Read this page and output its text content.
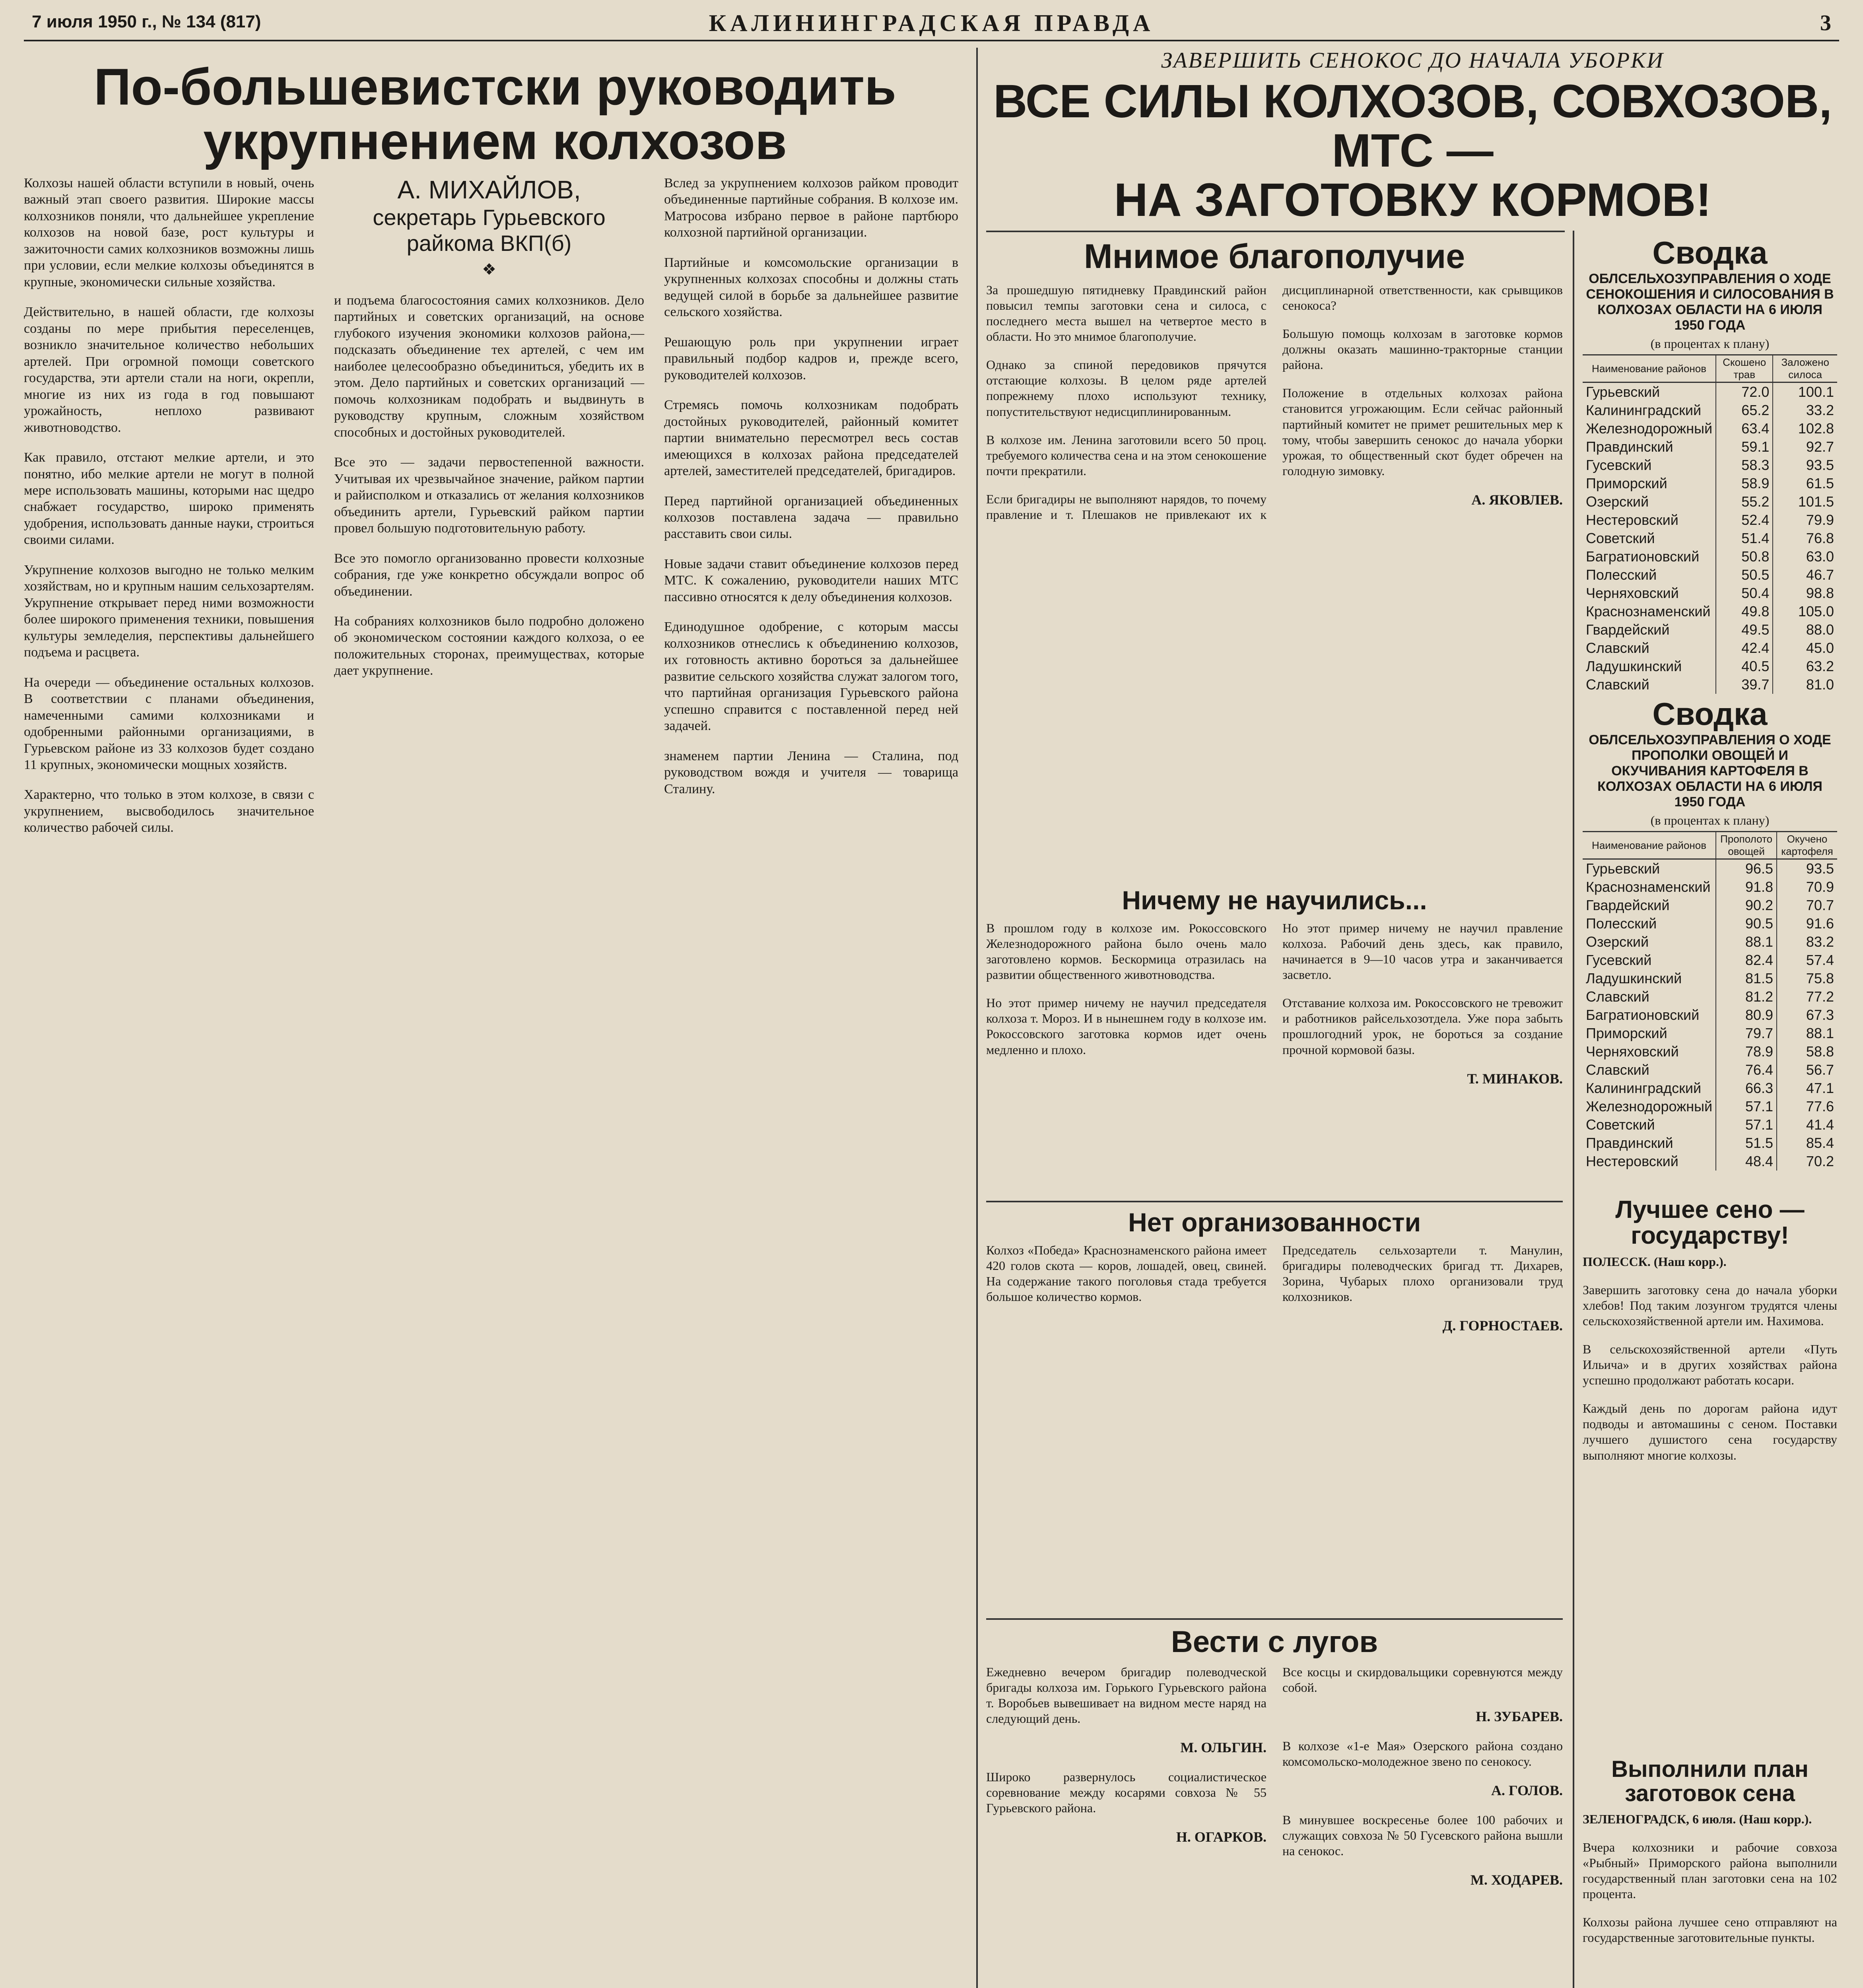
7 июля 1950 г., № 134 (817)	КАЛИНИНГРАДСКАЯ ПРАВДА	3
По-большевистски руководить укрупнением колхозов

Колхозы нашей области вступили в новый, очень важный этап своего развития. Широкие массы колхозников поняли, что дальнейшее укрепление колхозов на новой базе, рост культуры и зажиточности самих колхозников возможны лишь при условии, если мелкие колхозы объединятся в крупные, экономически сильные хозяйства.

Действительно, в нашей области, где колхозы созданы по мере прибытия переселенцев, возникло значительное количество небольших артелей. При огромной помощи советского государства, эти артели стали на ноги, окрепли, многие из них из года в год повышают урожайность, неплохо развивают животноводство.

Как правило, отстают мелкие артели, и это понятно, ибо мелкие артели не могут в полной мере использовать машины, которыми нас щедро снабжает государство, широко применять удобрения, использовать данные науки, строиться своими силами.

Укрупнение колхозов выгодно не только мелким хозяйствам, но и крупным нашим сельхозартелям. Укрупнение открывает перед ними возможности более широкого применения техники, повышения культуры земледелия, перспективы дальнейшего подъема и расцвета.

На очереди — объединение остальных колхозов. В соответствии с планами объединения, намеченными самими колхозниками и одобренными районными организациями, в Гурьевском районе из 33 колхозов будет создано 11 крупных, экономически мощных хозяйств.

Характерно, что только в этом колхозе, в связи с укрупнением, высвободилось значительное количество рабочей силы.

А. МИХАЙЛОВ,
секретарь Гурьевского райкома ВКП(б)
❖

и подъема благосостояния самих колхозников. Дело партийных и советских организаций, на основе глубокого изучения экономики колхозов района,— подсказать объединение тех артелей, с чем им наиболее целесообразно объединиться, убедить их в этом. Дело партийных и советских организаций — помочь колхозникам подобрать и выдвинуть в руководству крупным, сложным хозяйством способных и достойных руководителей.

Все это — задачи первостепенной важности. Учитывая их чрезвычайное значение, райком партии и райисполком и отказались от желания колхозников объединить артели, Гурьевский райком партии провел большую подготовительную работу.

Все это помогло организованно провести колхозные собрания, где уже конкретно обсуждали вопрос об объединении.

На собраниях колхозников было подробно доложено об экономическом состоянии каждого колхоза, о ее положительных сторонах, преимуществах, которые дает укрупнение.

Вслед за укрупнением колхозов райком проводит объединенные партийные собрания. В колхозе им. Матросова избрано первое в районе партбюро колхозной партийной организации.

Партийные и комсомольские организации в укрупненных колхозах способны и должны стать ведущей силой в борьбе за дальнейшее развитие сельского хозяйства.

Решающую роль при укрупнении играет правильный подбор кадров и, прежде всего, руководителей колхозов.

Стремясь помочь колхозникам подобрать достойных руководителей, районный комитет партии внимательно пересмотрел весь состав имеющихся в колхозах района председателей артелей, заместителей председателей, бригадиров.

Перед партийной организацией объединенных колхозов поставлена задача — правильно расставить свои силы.

Новые задачи ставит объединение колхозов перед МТС. К сожалению, руководители наших МТС пассивно относятся к делу объединения колхозов.

Единодушное одобрение, с которым массы колхозников отнеслись к объединению колхозов, их готовность активно бороться за дальнейшее развитие сельского хозяйства служат залогом того, что партийная организация Гурьевского района успешно справится с поставленной перед ней задачей.

знаменем партии Ленина — Сталина, под руководством вождя и учителя — товарища Сталину.

ЗАВЕРШИТЬ СЕНОКОС ДО НАЧАЛА УБОРКИ
ВСЕ СИЛЫ КОЛХОЗОВ, СОВХОЗОВ, МТС —
НА ЗАГОТОВКУ КОРМОВ!
Мнимое благополучие

За прошедшую пятидневку Правдинский район повысил темпы заготовки сена и силоса, с последнего места вышел на четвертое место в области. Но это мнимое благополучие.

Однако за спиной передовиков прячутся отстающие колхозы. В целом ряде артелей попрежнему плохо используют технику, попустительствуют недисциплинированным.

В колхозе им. Ленина заготовили всего 50 проц. требуемого количества сена и на этом сенокошение почти прекратили.

Если бригадиры не выполняют нарядов, то почему правление и т. Плешаков не привлекают их к дисциплинарной ответственности, как срывщиков сенокоса?

Большую помощь колхозам в заготовке кормов должны оказать машинно-тракторные станции района.

Положение в отдельных колхозах района становится угрожающим. Если сейчас районный партийный комитет не примет решительных мер к тому, чтобы завершить сенокос до начала уборки урожая, то общественный скот будет обречен на голодную зимовку.

А. ЯКОВЛЕВ.
Ничему не научились...

В прошлом году в колхозе им. Рокоссовского Железнодорожного района было очень мало заготовлено кормов. Бескормица отразилась на развитии общественного животноводства.

Но этот пример ничему не научил председателя колхоза т. Мороз. И в нынешнем году в колхозе им. Рокоссовского заготовка кормов идет очень медленно и плохо.

Но этот пример ничему не научил правление колхоза. Рабочий день здесь, как правило, начинается в 9—10 часов утра и заканчивается засветло.

Отставание колхоза им. Рокоссовского не тревожит и работников райсельхозотдела. Уже пора забыть прошлогодний урок, не бороться за создание прочной кормовой базы.

Т. МИНАКОВ.
Нет организованности

Колхоз «Победа» Краснознаменского района имеет 420 голов скота — коров, лошадей, овец, свиней. На содержание такого поголовья стада требуется большое количество кормов.

Председатель сельхозартели т. Манулин, бригадиры полеводческих бригад тт. Дихарев, Зорина, Чубарых плохо организовали труд колхозников.

Д. ГОРНОСТАЕВ.
Вести с лугов

Ежедневно вечером бригадир полеводческой бригады колхоза им. Горького Гурьевского района т. Воробьев вывешивает на видном месте наряд на следующий день.

М. ОЛЬГИН.

Широко развернулось социалистическое соревнование между косарями совхоза № 55 Гурьевского района.

Н. ОГАРКОВ.

Все косцы и скирдовальщики соревнуются между собой.

Н. ЗУБАРЕВ.

В колхозе «1-е Мая» Озерского района создано комсомольско-молодежное звено по сенокосу.

А. ГОЛОВ.

В минувшее воскресенье более 100 рабочих и служащих совхоза № 50 Гусевского района вышли на сенокос.

М. ХОДАРЕВ.
Сводка
ОБЛСЕЛЬХОЗУПРАВЛЕНИЯ О ХОДЕ СЕНОКОШЕНИЯ И СИЛОСОВАНИЯ В КОЛХОЗАХ ОБЛАСТИ НА 6 ИЮЛЯ 1950 ГОДА
(в процентах к плану)
Наименование районов	Скошено трав	Заложено силоса
Гурьевский	72.0	100.1
Калининградский	65.2	33.2
Железнодорожный	63.4	102.8
Правдинский	59.1	92.7
Гусевский	58.3	93.5
Приморский	58.9	61.5
Озерский	55.2	101.5
Нестеровский	52.4	79.9
Советский	51.4	76.8
Багратионовский	50.8	63.0
Полесский	50.5	46.7
Черняховский	50.4	98.8
Краснознаменский	49.8	105.0
Гвардейский	49.5	88.0
Славский	42.4	45.0
Ладушкинский	40.5	63.2
Славский	39.7	81.0
Сводка
ОБЛСЕЛЬХОЗУПРАВЛЕНИЯ О ХОДЕ ПРОПОЛКИ ОВОЩЕЙ И ОКУЧИВАНИЯ КАРТОФЕЛЯ В КОЛХОЗАХ ОБЛАСТИ НА 6 ИЮЛЯ 1950 ГОДА
(в процентах к плану)
Наименование районов	Прополото овощей	Окучено картофеля
Гурьевский	96.5	93.5
Краснознаменский	91.8	70.9
Гвардейский	90.2	70.7
Полесский	90.5	91.6
Озерский	88.1	83.2
Гусевский	82.4	57.4
Ладушкинский	81.5	75.8
Славский	81.2	77.2
Багратионовский	80.9	67.3
Приморский	79.7	88.1
Черняховский	78.9	58.8
Славский	76.4	56.7
Калининградский	66.3	47.1
Железнодорожный	57.1	77.6
Советский	57.1	41.4
Правдинский	51.5	85.4
Нестеровский	48.4	70.2
Лучшее сено — государству!

ПОЛЕССК. (Наш корр.).

Завершить заготовку сена до начала уборки хлебов! Под таким лозунгом трудятся члены сельскохозяйственной артели им. Нахимова.

В сельскохозяйственной артели «Путь Ильича» и в других хозяйствах района успешно продолжают работать косари.

Каждый день по дорогам района идут подводы и автомашины с сеном. Поставки лучшего душистого сена государству выполняют многие колхозы.

Выполнили план заготовок сена

ЗЕЛЕНОГРАДСК, 6 июля. (Наш корр.).

Вчера колхозники и рабочие совхоза «Рыбный» Приморского района выполнили государственный план заготовки сена на 102 процента.

Колхозы района лучшее сено отправляют на государственные заготовительные пункты.
